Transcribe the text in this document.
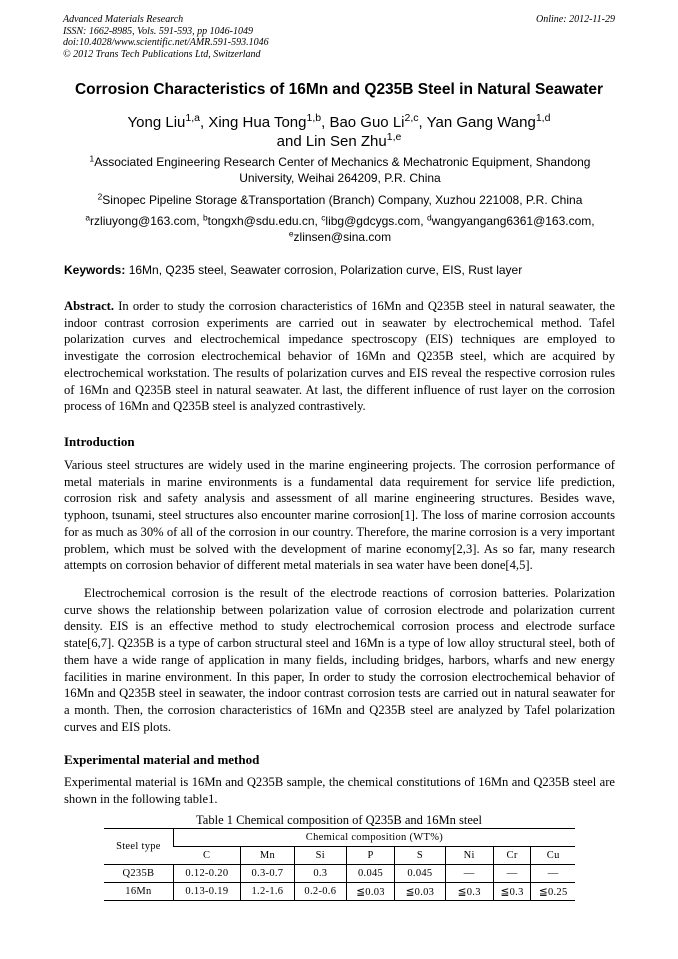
Advanced Materials Research
ISSN: 1662-8985, Vols. 591-593, pp 1046-1049
doi:10.4028/www.scientific.net/AMR.591-593.1046
© 2012 Trans Tech Publications Ltd, Switzerland
Online: 2012-11-29
Corrosion Characteristics of 16Mn and Q235B Steel in Natural Seawater
Yong Liu$^{1,a}$, Xing Hua Tong$^{1,b}$, Bao Guo Li$^{2,c}$, Yan Gang Wang$^{1,d}$
and Lin Sen Zhu$^{1,e}$
$^1$Associated Engineering Research Center of Mechanics & Mechatronic Equipment, Shandong University, Weihai 264209, P.R. China
$^2$Sinopec Pipeline Storage &Transportation (Branch) Company, Xuzhou 221008, P.R. China
$^a$rzliuyong@163.com, $^b$tongxh@sdu.edu.cn, $^c$libg@gdcygs.com, $^d$wangyangang6361@163.com,
$^e$zlinsen@sina.com
Keywords: 16Mn, Q235 steel, Seawater corrosion, Polarization curve, EIS, Rust layer
Abstract. In order to study the corrosion characteristics of 16Mn and Q235B steel in natural seawater, the indoor contrast corrosion experiments are carried out in seawater by electrochemical method. Tafel polarization curves and electrochemical impedance spectroscopy (EIS) techniques are employed to investigate the corrosion electrochemical behavior of 16Mn and Q235B steel, which are acquired by electrochemical workstation. The results of polarization curves and EIS reveal the respective corrosion rules of 16Mn and Q235B steel in natural seawater. At last, the different influence of rust layer on the corrosion process of 16Mn and Q235B steel is analyzed contrastively.
Introduction
Various steel structures are widely used in the marine engineering projects. The corrosion performance of metal materials in marine environments is a fundamental data requirement for service life prediction, corrosion risk and safety analysis and assessment of all marine engineering structures. Besides wave, typhoon, tsunami, steel structures also encounter marine corrosion[1]. The loss of marine corrosion accounts for as much as 30% of all of the corrosion in our country. Therefore, the marine corrosion is a very important problem, which must be solved with the development of marine economy[2,3]. As so far, many research attempts on corrosion behavior of different metal materials in sea water have been done[4,5].
Electrochemical corrosion is the result of the electrode reactions of corrosion batteries. Polarization curve shows the relationship between polarization value of corrosion electrode and polarization current density. EIS is an effective method to study electrochemical corrosion process and electrode surface state[6,7]. Q235B is a type of carbon structural steel and 16Mn is a type of low alloy structural steel, both of them have a wide range of application in many fields, including bridges, harbors, wharfs and new energy facilities in marine environment. In this paper, In order to study the corrosion electrochemical behavior of 16Mn and Q235B steel in seawater, the indoor contrast corrosion tests are carried out in natural seawater for a month. Then, the corrosion characteristics of 16Mn and Q235B steel are analyzed by Tafel polarization curves and EIS plots.
Experimental material and method
Experimental material is 16Mn and Q235B sample, the chemical constitutions of 16Mn and Q235B steel are shown in the following table1.
Table 1 Chemical composition of Q235B and 16Mn steel
Steel type	Chemical composition (WT%)							
	C	Mn	Si	P	S	Ni	Cr	Cu
Q235B	0.12-0.20	0.3-0.7	0.3	0.045	0.045	—	—	—
16Mn	0.13-0.19	1.2-1.6	0.2-0.6	≦0.03	≦0.03	≦0.3	≦0.3	≦0.25
